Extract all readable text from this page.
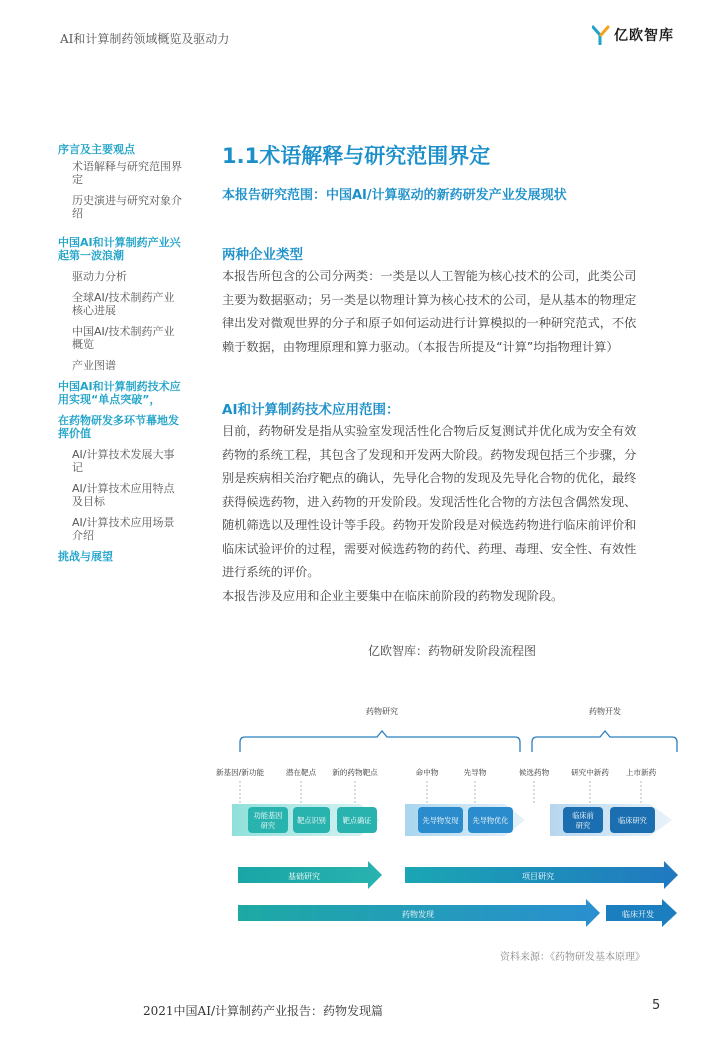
AI和计算制药领域概览及驱动力	亿欧智库
序言及主要观点
术语解释与研究范围界
定
历史演进与研究对象介
绍
中国AI和计算制药产业兴
起第一波浪潮
驱动力分析
全球AI/技术制药产业
核心进展
中国AI/技术制药产业
概览
产业图谱
中国AI和计算制药技术应
用实现“单点突破”，
在药物研发多环节幕地发
挥价值
AI/计算技术发展大事
记
AI/计算技术应用特点
及目标
AI/计算技术应用场景
介绍
挑战与展望
1.1术语解释与研究范围界定
本报告研究范围：中国AI/计算驱动的新药研发产业发展现状
两种企业类型
本报告所包含的公司分两类：一类是以人工智能为核心技术的公司，此类公司
主要为数据驱动；另一类是以物理计算为核心技术的公司，是从基本的物理定
律出发对微观世界的分子和原子如何运动进行计算模拟的一种研究范式，不依
赖于数据，由物理原理和算力驱动。（本报告所提及“计算”均指物理计算）
AI和计算制药技术应用范围：
目前，药物研发是指从实验室发现活性化合物后反复测试并优化成为安全有效
药物的系统工程，其包含了发现和开发两大阶段。药物发现包括三个步骤，分
别是疾病相关治疗靶点的确认，先导化合物的发现及先导化合物的优化，最终
获得候选药物，进入药物的开发阶段。发现活性化合物的方法包含偶然发现、
随机筛选以及理性设计等手段。药物开发阶段是对候选药物进行临床前评价和
临床试验评价的过程，需要对候选药物的药代、药理、毒理、安全性、有效性
进行系统的评价。
本报告涉及应用和企业主要集中在临床前阶段的药物发现阶段。
亿欧智库：药物研发阶段流程图
药物研究	药物开发
新基因/新功能	潜在靶点 新的药物靶点	命中物	先导物	候选药物	研究中新药 上市新药
功能基因
研究
靶点识别 靶点确证	先导物发现 先导物优化
临床前
研究
临床研究
基础研究	项目研究
药物发现	临床开发
资料来源：《药物研发基本原理》
2021中国AI/计算制药产业报告：药物发现篇	5
